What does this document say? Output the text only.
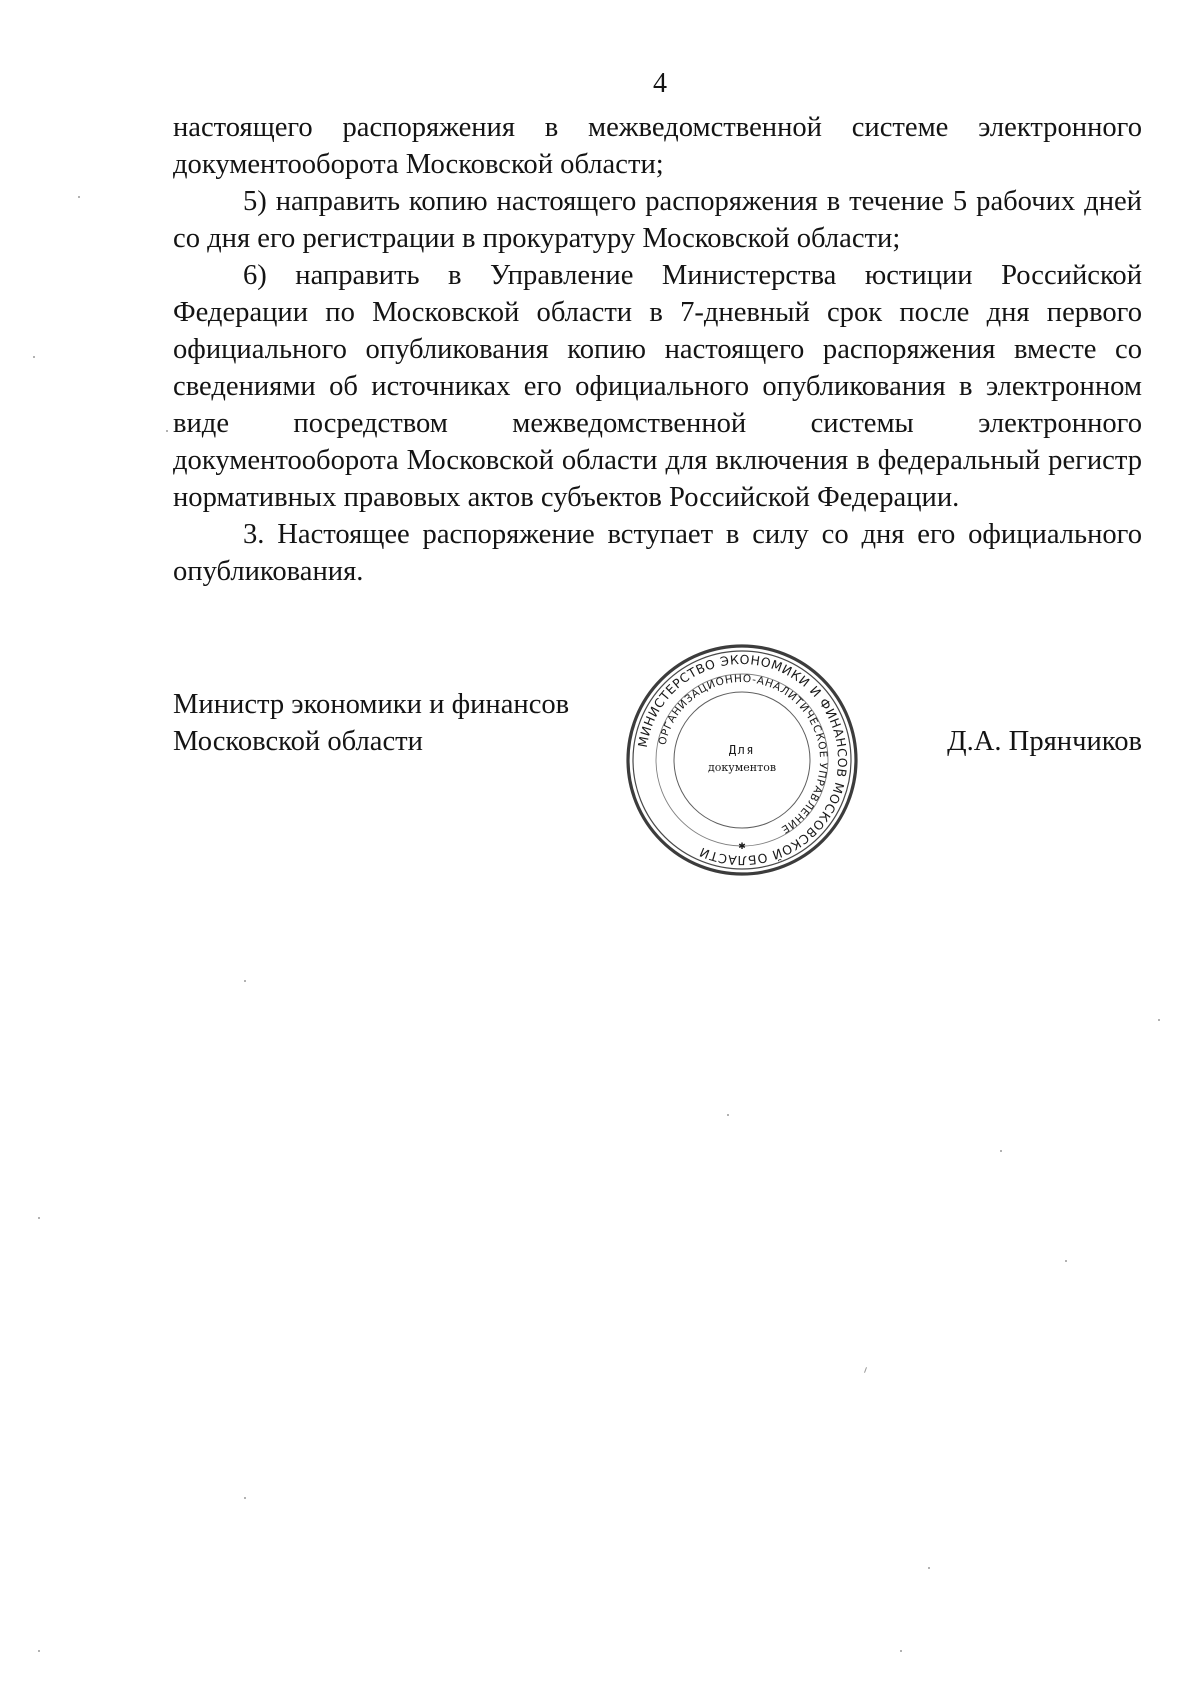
4

настоящего распоряжения в межведомственной системе электронного документооборота Московской области;

5) направить копию настоящего распоряжения в течение 5 рабочих дней со дня его регистрации в прокуратуру Московской области;

6) направить в Управление Министерства юстиции Российской Федерации по Московской области в 7-дневный срок после дня первого официального опубликования копию настоящего распоряжения вместе со сведениями об источниках его официального опубликования в электронном виде посредством межведомственной системы электронного документооборота Московской области для включения в федеральный регистр нормативных правовых актов субъектов Российской Федерации.

3. Настоящее распоряжение вступает в силу со дня его официального опубликования.

Министр экономики и финансов
Московской области	Д.А. Прянчиков
МИНИСТЕРСТВО ЭКОНОМИКИ И ФИНАНСОВ МОСКОВСКОЙ ОБЛАСТИ
ОРГАНИЗАЦИОННО-АНАЛИТИЧЕСКОЕ УПРАВЛЕНИЕ
Для
документов
✱
